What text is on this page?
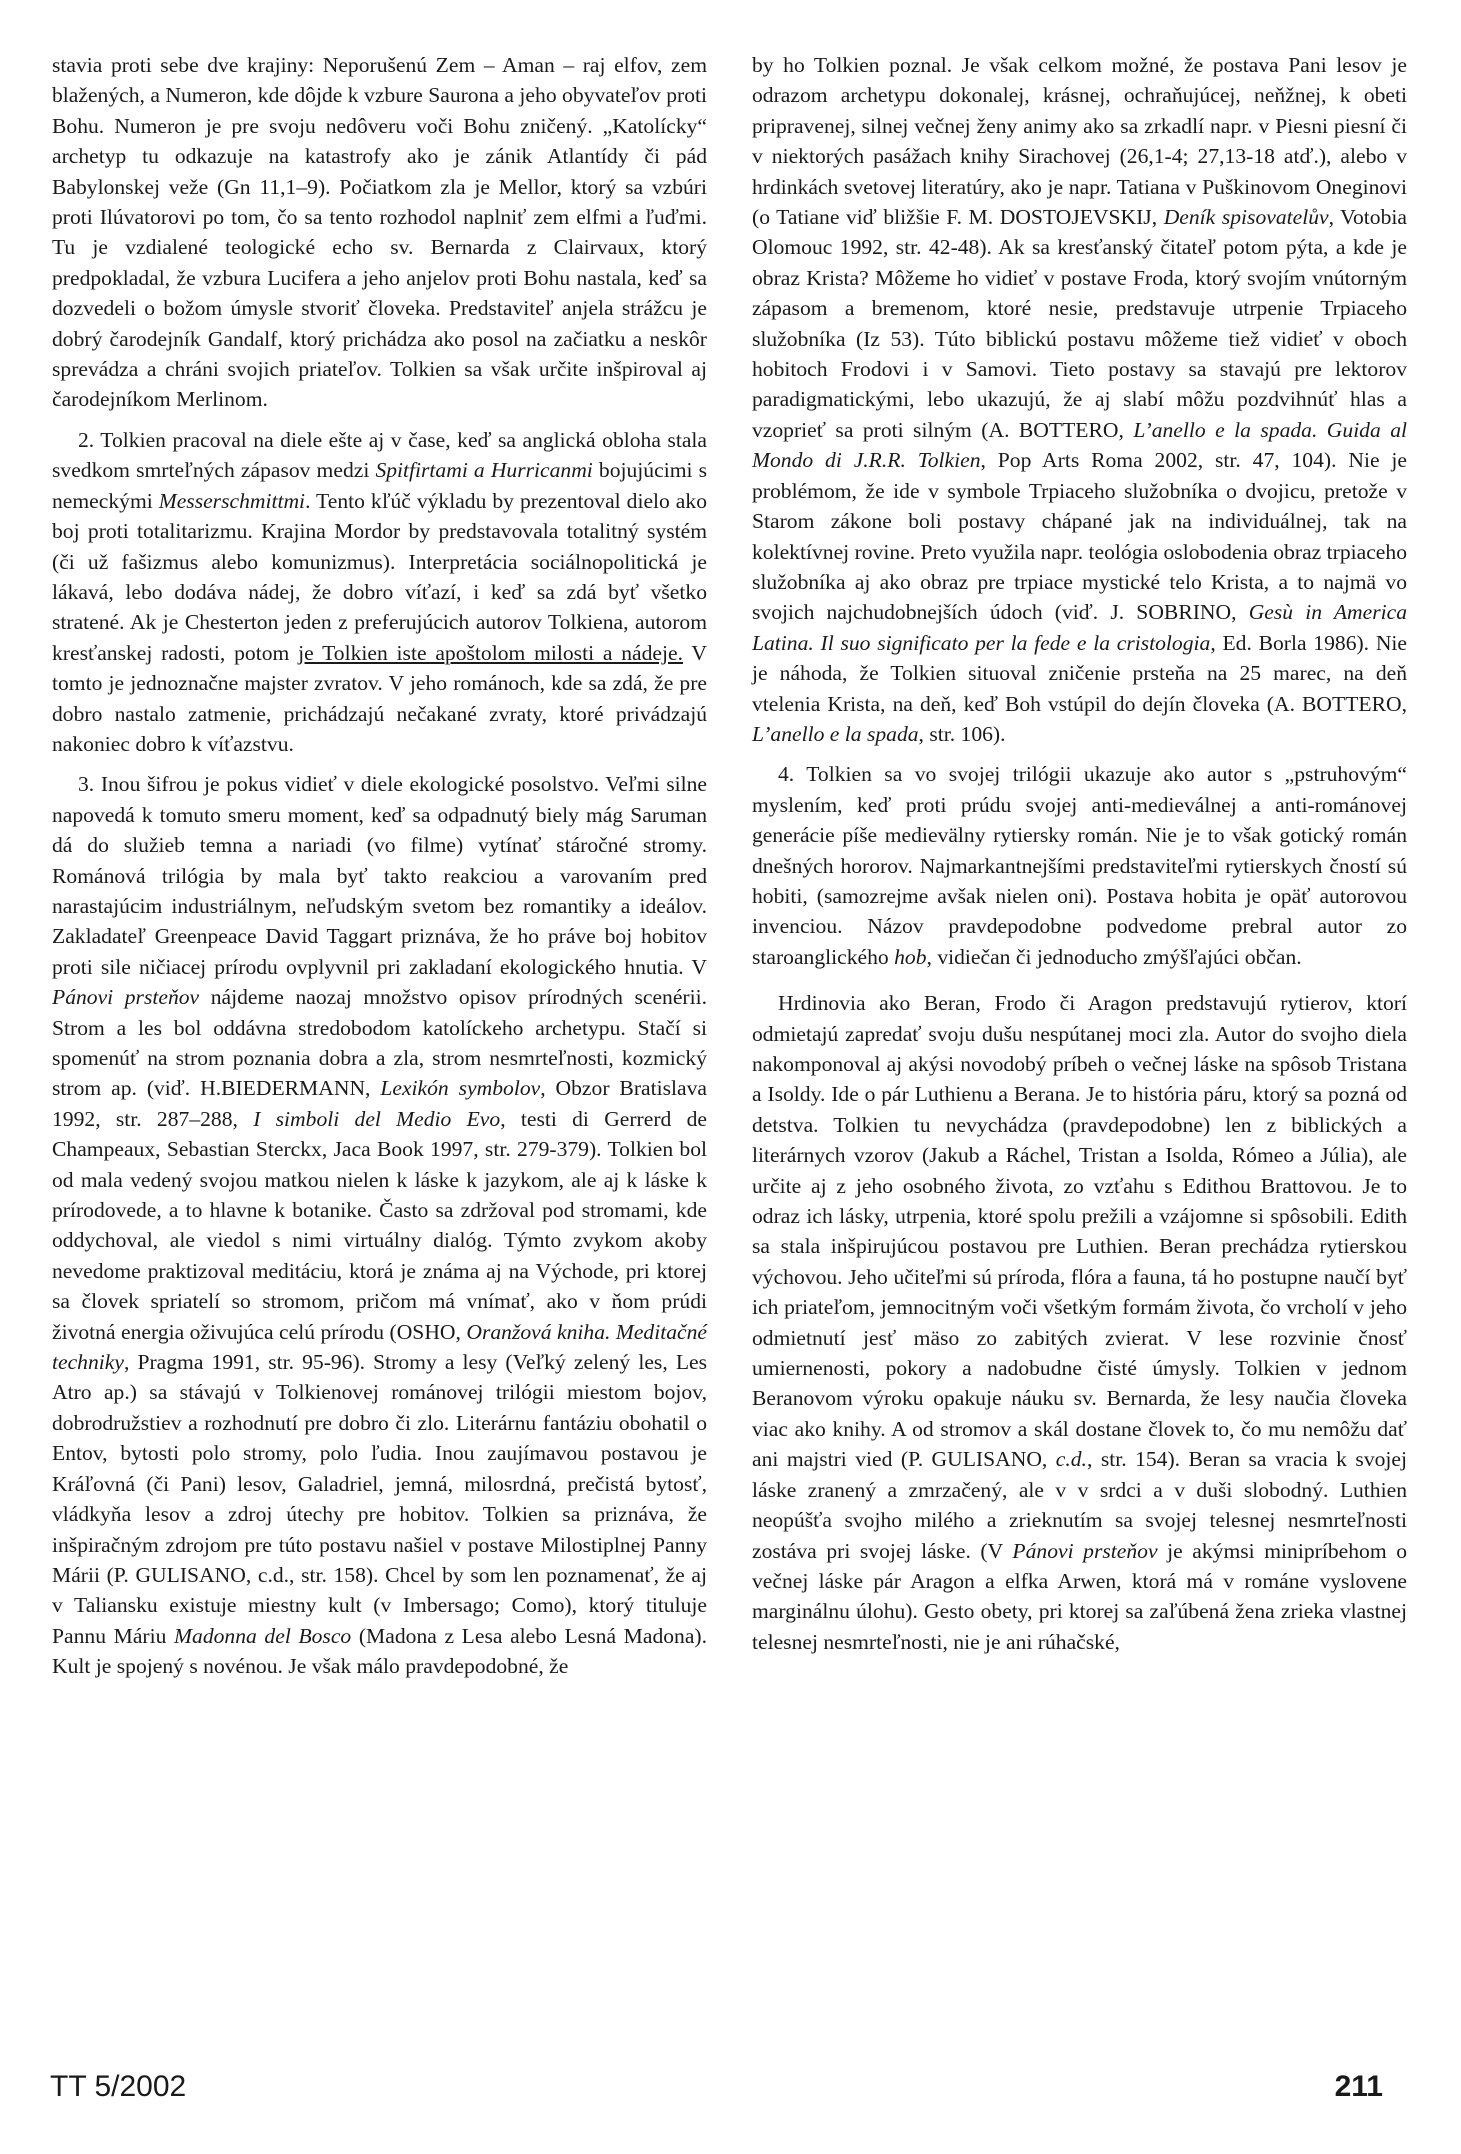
stavia proti sebe dve krajiny: Neporušenú Zem – Aman – raj elfov, zem blažených, a Numeron, kde dôjde k vzbure Saurona a jeho obyvateľov proti Bohu. Numeron je pre svoju nedôveru voči Bohu zničený. „Katolícky“ archetyp tu odkazuje na katastrofy ako je zánik Atlantídy či pád Babylonskej veže (Gn 11,1–9). Počiatkom zla je Mellor, ktorý sa vzbúri proti Ilúvatorovi po tom, čo sa tento rozhodol naplniť zem elfmi a ľuďmi. Tu je vzdialené teologické echo sv. Bernarda z Clairvaux, ktorý predpokladal, že vzbura Lucifera a jeho anjelov proti Bohu nastala, keď sa dozvedeli o božom úmysle stvoriť človeka. Predstaviteľ anjela strážcu je dobrý čarodejník Gandalf, ktorý prichádza ako posol na začiatku a neskôr sprevádza a chráni svojich priateľov. Tolkien sa však určite inšpiroval aj čarodejníkom Merlinom.

2. Tolkien pracoval na diele ešte aj v čase, keď sa anglická obloha stala svedkom smrteľných zápasov medzi Spitfirtami a Hurricanmi bojujúcimi s nemeckými Messerschmittmi. Tento kľúč výkladu by prezentoval dielo ako boj proti totalitarizmu. Krajina Mordor by predstavovala totalitný systém (či už fašizmus alebo komunizmus). Interpretácia sociálnopolitická je lákavá, lebo dodáva nádej, že dobro víťazí, i keď sa zdá byť všetko stratené. Ak je Chesterton jeden z preferujúcich autorov Tolkiena, autorom kresťanskej radosti, potom je Tolkien iste apoštolom milosti a nádeje. V tomto je jednoznačne majster zvratov. V jeho románoch, kde sa zdá, že pre dobro nastalo zatmenie, prichádzajú nečakané zvraty, ktoré privádzajú nakoniec dobro k víťazstvu.

3. Inou šifrou je pokus vidieť v diele ekologické posolstvo. Veľmi silne napovedá k tomuto smeru moment, keď sa odpadnutý biely mág Saruman dá do služieb temna a nariadi (vo filme) vytínať stáročné stromy. Románová trilógia by mala byť takto reakciou a varovaním pred narastajúcim industriálnym, neľudským svetom bez romantiky a ideálov. Zakladateľ Greenpeace David Taggart priznáva, že ho práve boj hobitov proti sile ničiacej prírodu ovplyvnil pri zakladaní ekologického hnutia. V Pánovi prsteňov nájdeme naozaj množstvo opisov prírodných scenérii. Strom a les bol oddávna stredobodom katolíckeho archetypu. Stačí si spomenúť na strom poznania dobra a zla, strom nesmrteľnosti, kozmický strom ap. (viď. H.BIEDERMANN, Lexikón symbolov, Obzor Bratislava 1992, str. 287–288, I simboli del Medio Evo, testi di Gerrerd de Champeaux, Sebastian Sterckx, Jaca Book 1997, str. 279-379). Tolkien bol od mala vedený svojou matkou nielen k láske k jazykom, ale aj k láske k prírodovede, a to hlavne k botanike. Často sa zdržoval pod stromami, kde oddychoval, ale viedol s nimi virtuálny dialóg. Týmto zvykom akoby nevedome praktizoval meditáciu, ktorá je známa aj na Východe, pri ktorej sa človek spriatelí so stromom, pričom má vnímať, ako v ňom prúdi životná energia oživujúca celú prírodu (OSHO, Oranžová kniha. Meditačné techniky, Pragma 1991, str. 95-96). Stromy a lesy (Veľký zelený les, Les Atro ap.) sa stávajú v Tolkienovej románovej trilógii miestom bojov, dobrodružstiev a rozhodnutí pre dobro či zlo. Literárnu fantáziu obohatil o Entov, bytosti polo stromy, polo ľudia. Inou zaujímavou postavou je Kráľovná (či Pani) lesov, Galadriel, jemná, milosrdná, prečistá bytosť, vládkyňa lesov a zdroj útechy pre hobitov. Tolkien sa priznáva, že inšpiračným zdrojom pre túto postavu našiel v postave Milostiplnej Panny Márii (P. GULISANO, c.d., str. 158). Chcel by som len poznamenať, že aj v Taliansku existuje miestny kult (v Imbersago; Como), ktorý tituluje Pannu Máriu Madonna del Bosco (Madona z Lesa alebo Lesná Madona). Kult je spojený s novénou. Je však málo pravdepodobné, že

by ho Tolkien poznal. Je však celkom možné, že postava Pani lesov je odrazom archetypu dokonalej, krásnej, ochraňujúcej, neňžnej, k obeti pripravenej, silnej večnej ženy animy ako sa zrkadlí napr. v Piesni piesní či v niektorých pasážach knihy Sirachovej (26,1-4; 27,13-18 atď.), alebo v hrdinkách svetovej literatúry, ako je napr. Tatiana v Puškinovom Oneginovi (o Tatiane viď bližšie F. M. DOSTOJEVSKIJ, Deník spisovatelův, Votobia Olomouc 1992, str. 42-48). Ak sa kresťanský čitateľ potom pýta, a kde je obraz Krista? Môžeme ho vidieť v postave Froda, ktorý svojím vnútorným zápasom a bremenom, ktoré nesie, predstavuje utrpenie Trpiaceho služobníka (Iz 53). Túto biblickú postavu môžeme tiež vidieť v oboch hobitoch Frodovi i v Samovi. Tieto postavy sa stavajú pre lektorov paradigmatickými, lebo ukazujú, že aj slabí môžu pozdvihnúť hlas a vzoprieť sa proti silným (A. BOTTERO, L’anello e la spada. Guida al Mondo di J.R.R. Tolkien, Pop Arts Roma 2002, str. 47, 104). Nie je problémom, že ide v symbole Trpiaceho služobníka o dvojicu, pretože v Starom zákone boli postavy chápané jak na individuálnej, tak na kolektívnej rovine. Preto využila napr. teológia oslobodenia obraz trpiaceho služobníka aj ako obraz pre trpiace mystické telo Krista, a to najmä vo svojich najchudobnejších údoch (viď. J. SOBRINO, Gesù in America Latina. Il suo significato per la fede e la cristologia, Ed. Borla 1986). Nie je náhoda, že Tolkien situoval zničenie prsteňa na 25 marec, na deň vtelenia Krista, na deň, keď Boh vstúpil do dejín človeka (A. BOTTERO, L’anello e la spada, str. 106).

4. Tolkien sa vo svojej trilógii ukazuje ako autor s „pstruhovým“ myslením, keď proti prúdu svojej anti-medieválnej a anti-románovej generácie píše medievälny rytiersky román. Nie je to však gotický román dnešných hororov. Najmarkantnejšími predstaviteľmi rytierskych čností sú hobiti, (samozrejme avšak nielen oni). Postava hobita je opäť autorovou invenciou. Názov pravdepodobne podvedome prebral autor zo staroanglického hob, vidiečan či jednoducho zmýšľajúci občan.

Hrdinovia ako Beran, Frodo či Aragon predstavujú rytierov, ktorí odmietajú zapredať svoju dušu nespútanej moci zla. Autor do svojho diela nakomponoval aj akýsi novodobý príbeh o večnej láske na spôsob Tristana a Isoldy. Ide o pár Luthienu a Berana. Je to história páru, ktorý sa pozná od detstva. Tolkien tu nevychádza (pravdepodobne) len z biblických a literárnych vzorov (Jakub a Ráchel, Tristan a Isolda, Rómeo a Júlia), ale určite aj z jeho osobného života, zo vzťahu s Edithou Brattovou. Je to odraz ich lásky, utrpenia, ktoré spolu prežili a vzájomne si spôsobili. Edith sa stala inšpirujúcou postavou pre Luthien. Beran prechádza rytierskou výchovou. Jeho učiteľmi sú príroda, flóra a fauna, tá ho postupne naučí byť ich priateľom, jemnocitným voči všetkým formám života, čo vrcholí v jeho odmietnutí jesť mäso zo zabitých zvierat. V lese rozvinie čnosť umiernenosti, pokory a nadobudne čisté úmysly. Tolkien v jednom Beranovom výroku opakuje náuku sv. Bernarda, že lesy naučia človeka viac ako knihy. A od stromov a skál dostane človek to, čo mu nemôžu dať ani majstri vied (P. GULISANO, c.d., str. 154). Beran sa vracia k svojej láske zranený a zmrzačený, ale v v srdci a v duši slobodný. Luthien neopúšťa svojho milého a zrieknutím sa svojej telesnej nesmrteľnosti zostáva pri svojej láske. (V Pánovi prsteňov je akýmsi minipríbehom o večnej láske pár Aragon a elfka Arwen, ktorá má v románe vyslovene marginálnu úlohu). Gesto obety, pri ktorej sa zaľúbená žena zrieka vlastnej telesnej nesmrteľnosti, nie je ani rúhačské,

TT 5/2002	211
